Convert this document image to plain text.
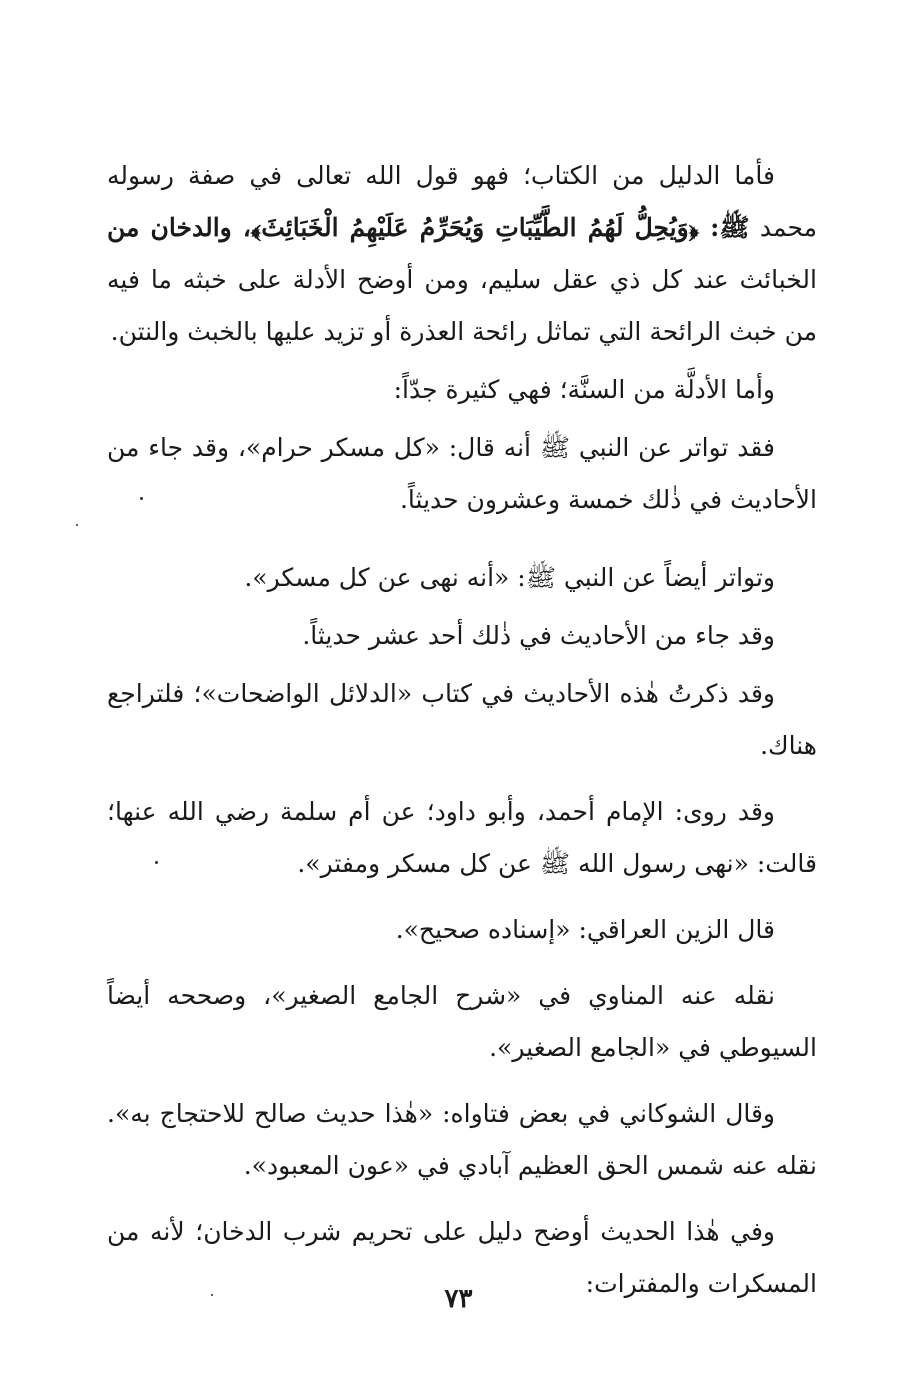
فأما الدليل من الكتاب؛ فهو قول الله تعالى في صفة رسوله محمد ﷺ: ﴿وَيُحِلُّ لَهُمُ الطَّيِّبَاتِ وَيُحَرِّمُ عَلَيْهِمُ الْخَبَائِثَ﴾، والدخان من الخبائث عند كل ذي عقل سليم، ومن أوضح الأدلة على خبثه ما فيه من خبث الرائحة التي تماثل رائحة العذرة أو تزيد عليها بالخبث والنتن.

وأما الأدلَّة من السنَّة؛ فهي كثيرة جدّاً:

فقد تواتر عن النبي ﷺ أنه قال: «كل مسكر حرام»، وقد جاء من الأحاديث في ذٰلك خمسة وعشرون حديثاً.

وتواتر أيضاً عن النبي ﷺ: «أنه نهى عن كل مسكر».

وقد جاء من الأحاديث في ذٰلك أحد عشر حديثاً.

وقد ذكرتُ هٰذه الأحاديث في كتاب «الدلائل الواضحات»؛ فلتراجع هناك.

وقد روى: الإمام أحمد، وأبو داود؛ عن أم سلمة رضي الله عنها؛ قالت: «نهى رسول الله ﷺ عن كل مسكر ومفتر».

قال الزين العراقي: «إسناده صحيح».

نقله عنه المناوي في «شرح الجامع الصغير»، وصححه أيضاً السيوطي في «الجامع الصغير».

وقال الشوكاني في بعض فتاواه: «هٰذا حديث صالح للاحتجاج به». نقله عنه شمس الحق العظيم آبادي في «عون المعبود».

وفي هٰذا الحديث أوضح دليل على تحريم شرب الدخان؛ لأنه من المسكرات والمفترات:

٧٣
